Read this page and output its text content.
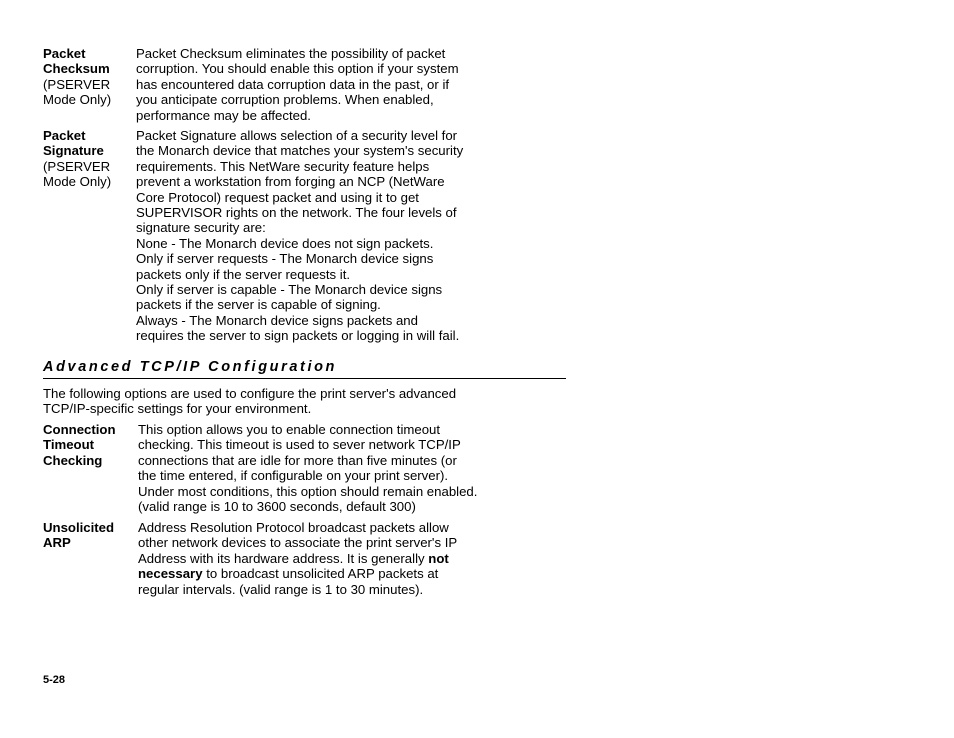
Packet
Checksum
(PSERVER
Mode Only)
Packet Checksum eliminates the possibility of packet
corruption. You should enable this option if your system
has encountered data corruption data in the past, or if
you anticipate corruption problems. When enabled,
performance may be affected.
Packet
Signature
(PSERVER
Mode Only)
Packet Signature allows selection of a security level for
the Monarch device that matches your system's security
requirements. This NetWare security feature helps
prevent a workstation from forging an NCP (NetWare
Core Protocol) request packet and using it to get
SUPERVISOR rights on the network. The four levels of
signature security are:
None - The Monarch device does not sign packets.
Only if server requests - The Monarch device signs
packets only if the server requests it.
Only if server is capable - The Monarch device signs
packets if the server is capable of signing.
Always - The Monarch device signs packets and
requires the server to sign packets or logging in will fail.
Advanced TCP/IP Configuration
The following options are used to configure the print server's advanced
TCP/IP-specific settings for your environment.
Connection
Timeout
Checking
This option allows you to enable connection timeout
checking. This timeout is used to sever network TCP/IP
connections that are idle for more than five minutes (or
the time entered, if configurable on your print server).
Under most conditions, this option should remain enabled.
(valid range is 10 to 3600 seconds, default 300)
Unsolicited
ARP
Address Resolution Protocol broadcast packets allow
other network devices to associate the print server's IP
Address with its hardware address. It is generally not
necessary to broadcast unsolicited ARP packets at
regular intervals. (valid range is 1 to 30 minutes).
5-28
